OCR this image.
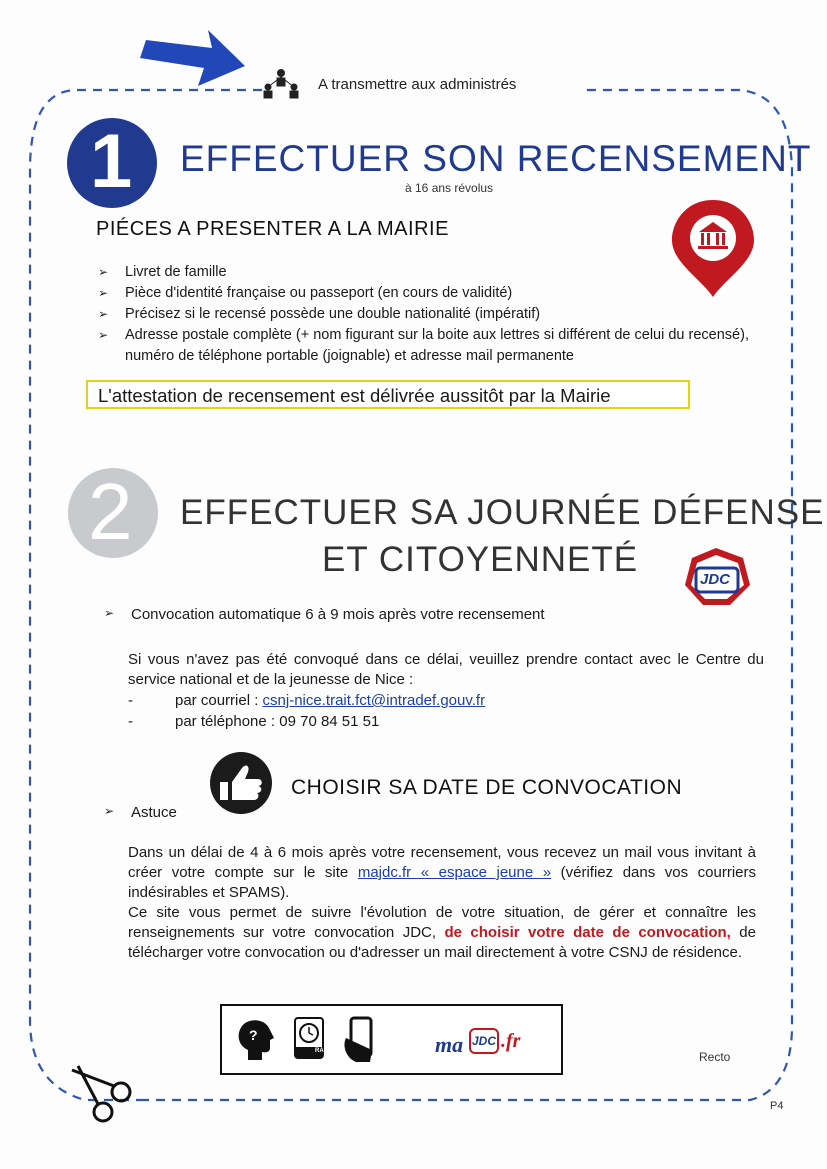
A transmettre aux administrés
1
2
EFFECTUER SON RECENSEMENT
à 16 ans révolus
PIÉCES A PRESENTER A LA MAIRIE
➢ Livret de famille
➢ Pièce d'identité française ou passeport (en cours de validité)
➢ Précisez si le recensé possède une double nationalité (impératif)
➢ Adresse postale complète (+ nom figurant sur la boite aux lettres si différent de celui du recensé), numéro de téléphone portable (joignable) et adresse mail permanente
L'attestation de recensement est délivrée aussitôt par la Mairie
EFFECTUER SA JOURNÉE DÉFENSE
ET CITOYENNETÉ
JDC
➢ Convocation automatique 6 à 9 mois après votre recensement
Si vous n'avez pas été convoqué dans ce délai, veuillez prendre contact avec le Centre du service national et de la jeunesse de Nice :
-	par courriel : csnj-nice.trait.fct@intradef.gouv.fr
-	par téléphone : 09 70 84 51 51
CHOISIR SA DATE DE CONVOCATION
➢ Astuce
Dans un délai de 4 à 6 mois après votre recensement, vous recevez un mail vous invitant à créer votre compte sur le site majdc.fr « espace jeune » (vérifiez dans vos courriers indésirables et SPAMS).
Ce site vous permet de suivre l'évolution de votre situation, de gérer et connaître les renseignements sur votre convocation JDC, de choisir votre date de convocation, de télécharger votre convocation ou d'adresser un mail directement à votre CSNJ de résidence.
?
RAPPEL	ma JDC .fr
Recto
P4
